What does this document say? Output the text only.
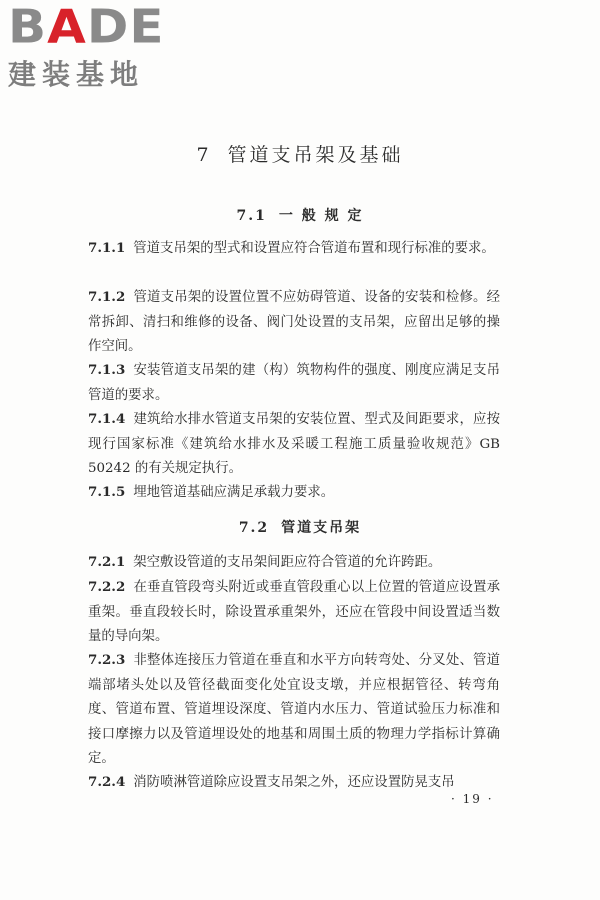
BADE
建装基地
7 管道支吊架及基础
7.1 一 般 规 定
7.1.1 管道支吊架的型式和设置应符合管道布置和现行标准的要求。
7.1.2 管道支吊架的设置位置不应妨碍管道、设备的安装和检修。经常拆卸、清扫和维修的设备、阀门处设置的支吊架，应留出足够的操作空间。
7.1.3 安装管道支吊架的建（构）筑物构件的强度、刚度应满足支吊管道的要求。
7.1.4 建筑给水排水管道支吊架的安装位置、型式及间距要求，应按现行国家标准《建筑给水排水及采暖工程施工质量验收规范》GB 50242 的有关规定执行。
7.1.5 埋地管道基础应满足承载力要求。
7.2 管道支吊架
7.2.1 架空敷设管道的支吊架间距应符合管道的允许跨距。
7.2.2 在垂直管段弯头附近或垂直管段重心以上位置的管道应设置承重架。垂直段较长时，除设置承重架外，还应在管段中间设置适当数量的导向架。
7.2.3 非整体连接压力管道在垂直和水平方向转弯处、分叉处、管道端部堵头处以及管径截面变化处宜设支墩，并应根据管径、转弯角度、管道布置、管道埋设深度、管道内水压力、管道试验压力标准和接口摩擦力以及管道埋设处的地基和周围土质的物理力学指标计算确定。
7.2.4 消防喷淋管道除应设置支吊架之外，还应设置防晃支吊
· 19 ·
